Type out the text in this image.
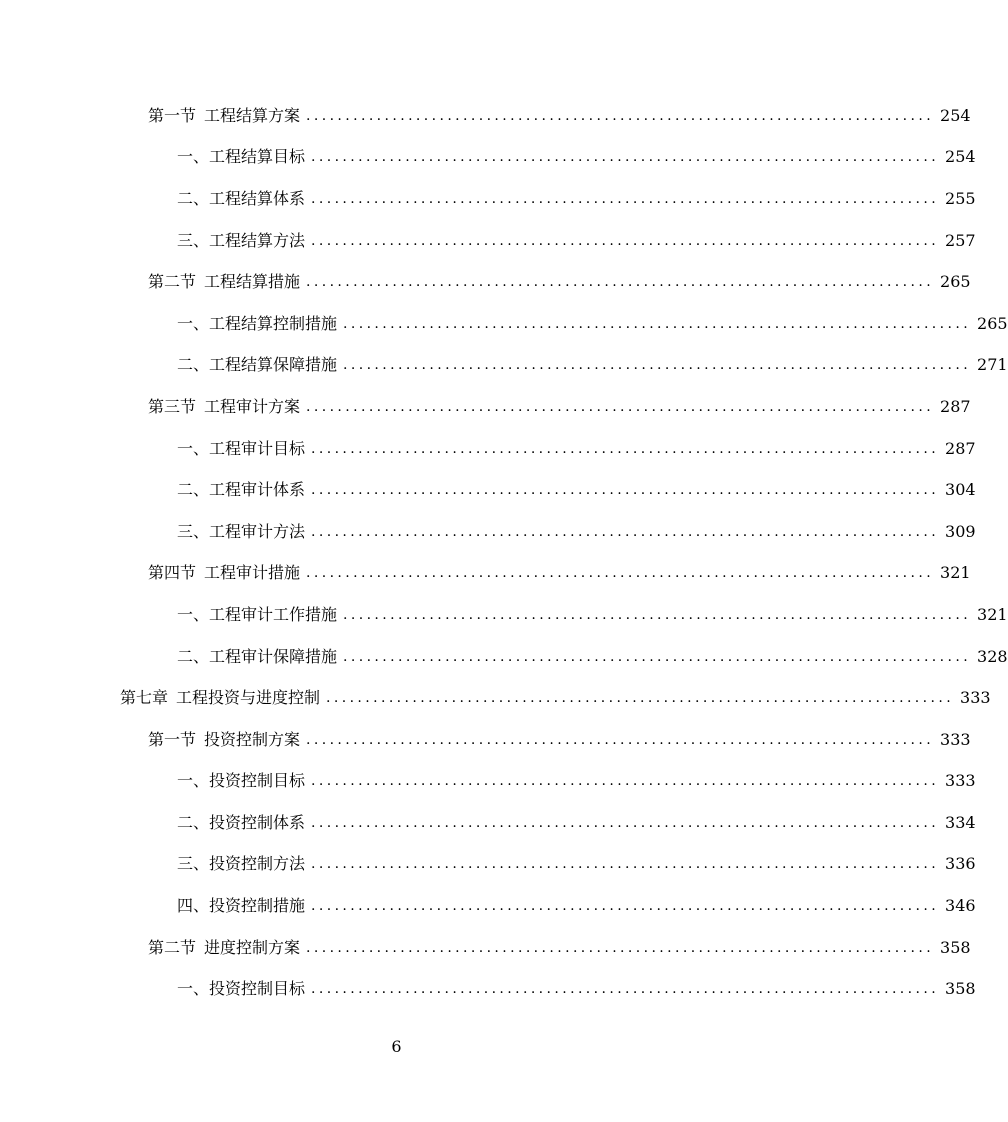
第一节 工程结算方案 ................................................................................ 254
一、工程结算目标 ................................................................................ 254
二、工程结算体系 ................................................................................ 255
三、工程结算方法 ................................................................................ 257
第二节 工程结算措施 ................................................................................ 265
一、工程结算控制措施 ................................................................................ 265
二、工程结算保障措施 ................................................................................ 271
第三节 工程审计方案 ................................................................................ 287
一、工程审计目标 ................................................................................ 287
二、工程审计体系 ................................................................................ 304
三、工程审计方法 ................................................................................ 309
第四节 工程审计措施 ................................................................................ 321
一、工程审计工作措施 ................................................................................ 321
二、工程审计保障措施 ................................................................................ 328
第七章 工程投资与进度控制 ................................................................................ 333
第一节 投资控制方案 ................................................................................ 333
一、投资控制目标 ................................................................................ 333
二、投资控制体系 ................................................................................ 334
三、投资控制方法 ................................................................................ 336
四、投资控制措施 ................................................................................ 346
第二节 进度控制方案 ................................................................................ 358
一、投资控制目标 ................................................................................ 358
6
